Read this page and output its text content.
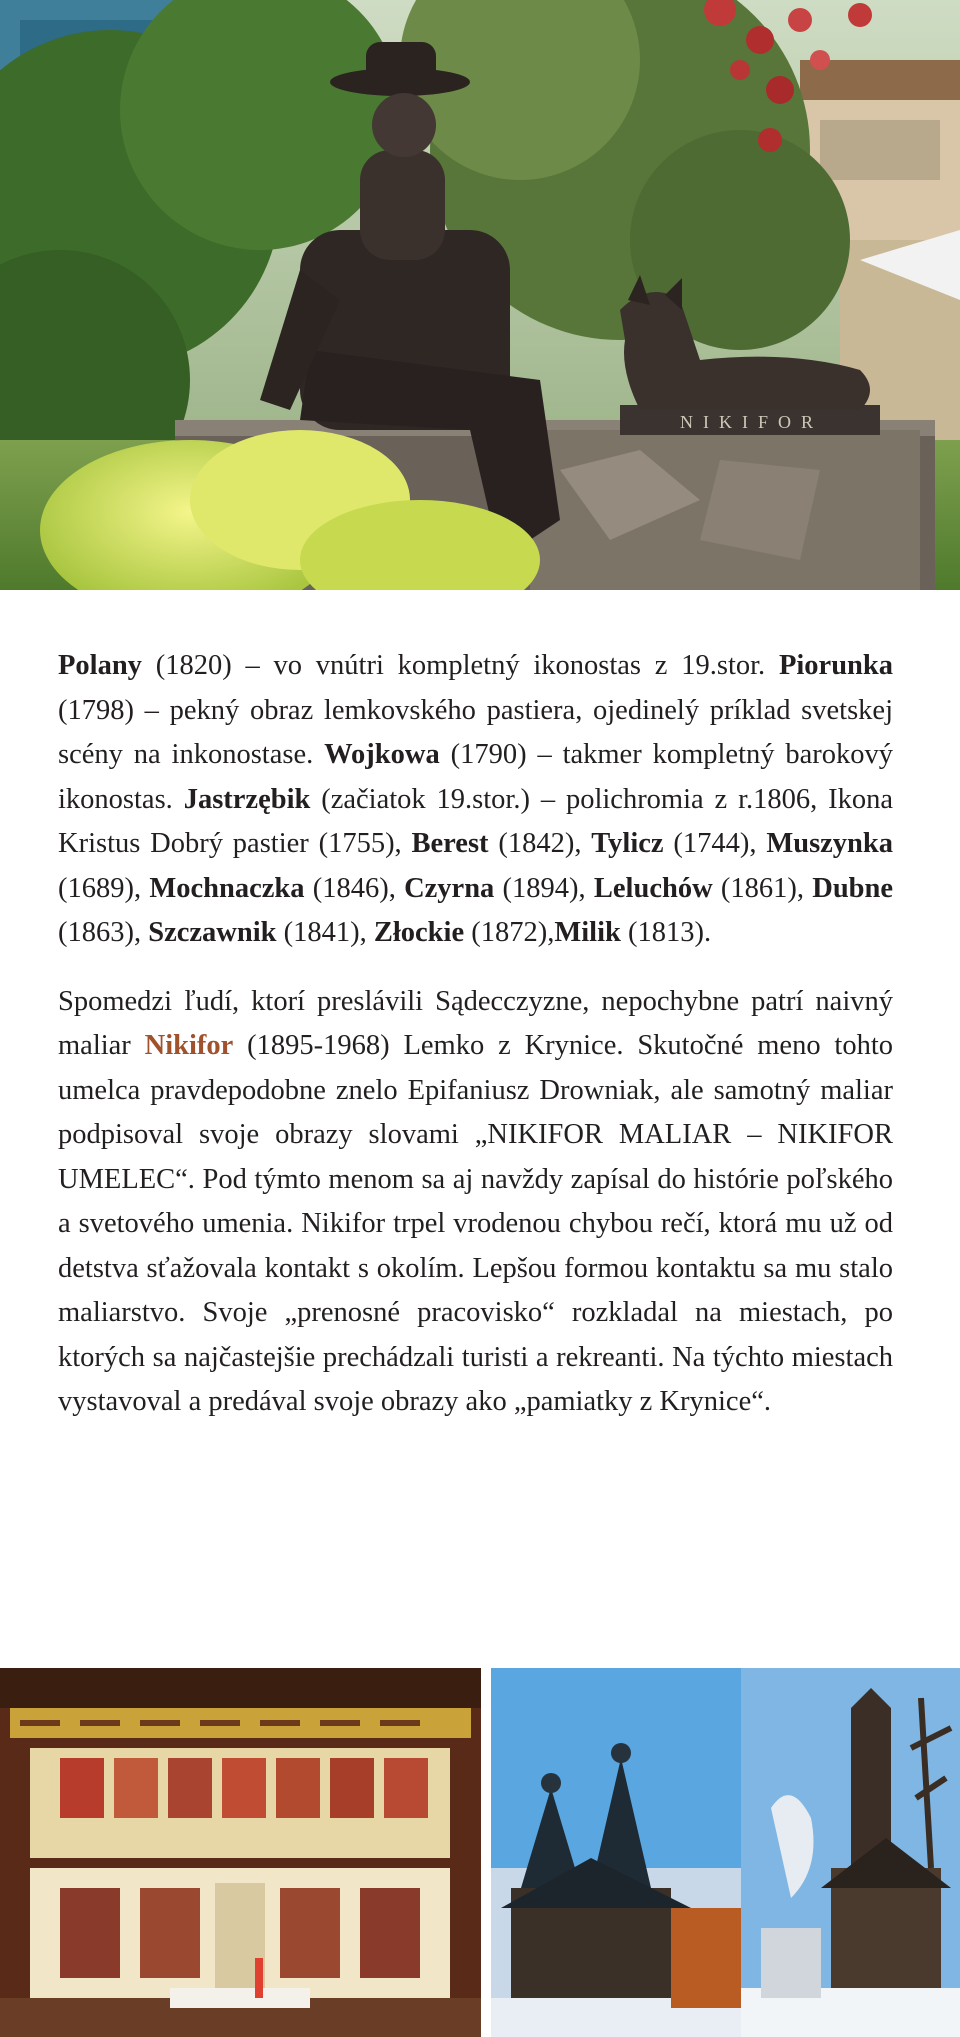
NIKIFOR

Polany (1820) – vo vnútri kompletný ikonostas z 19.stor. Piorunka (1798) – pekný obraz lemkovského pastiera, ojedinelý príklad svetskej scény na inkonostase. Wojkowa (1790) – takmer kompletný barokový ikonostas. Jastrzębik (začiatok 19.stor.) – polichromia z r.1806, Ikona Kristus Dobrý pastier (1755), Berest (1842), Tylicz (1744), Muszynka (1689), Mochnaczka (1846), Czyrna (1894), Leluchów (1861), Dubne (1863), Szczawnik (1841), Złockie (1872),Milik (1813).

Spomedzi ľudí, ktorí preslávili Sądecczyzne, nepochybne patrí naivný maliar Nikifor (1895-1968) Lemko z Krynice. Skutočné meno tohto umelca pravdepodobne znelo Epifaniusz Drowniak, ale samotný maliar podpisoval svoje obrazy slovami „NIKIFOR MALIAR – NIKIFOR UMELEC“. Pod týmto menom sa aj navždy zapísal do histórie poľského a svetového umenia. Nikifor trpel vrodenou chybou rečí, ktorá mu už od detstva sťažovala kontakt s okolím. Lepšou formou kontaktu sa mu stalo maliarstvo. Svoje „prenosné pracovisko“ rozkladal na miestach, po ktorých sa najčastejšie prechádzali turisti a rekreanti. Na týchto miestach vystavoval a predával svoje obrazy ako „pamiatky z Krynice“.
